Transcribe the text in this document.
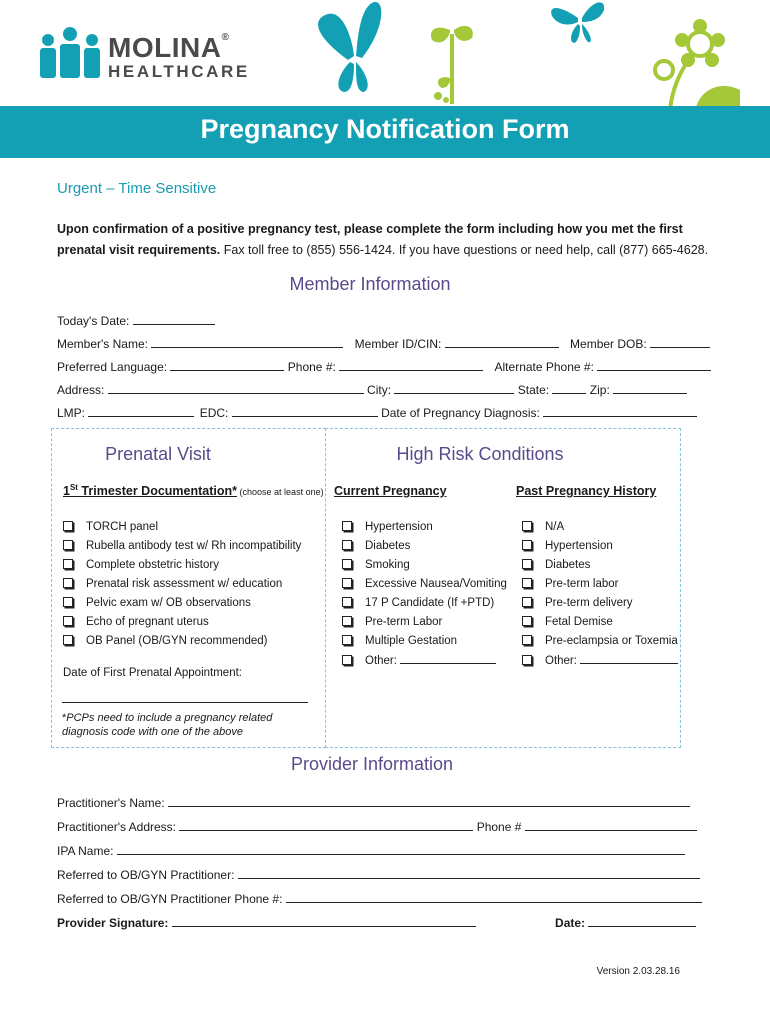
MOLINA®
HEALTHCARE
Pregnancy Notification Form
Urgent – Time Sensitive
Upon confirmation of a positive pregnancy test, please complete the form including how you met the first
prenatal visit requirements. Fax toll free to (855) 556-1424. If you have questions or need help, call (877) 665-4628.
Member Information
Today's Date:
Member's Name:	Member ID/CIN:	Member DOB:
Preferred Language:	Phone #:	Alternate Phone #:
Address:	City:	State:	Zip:
LMP:	EDC:	Date of Pregnancy Diagnosis:
Prenatal Visit	High Risk Conditions
1St Trimester Documentation* (choose at least one) Current Pregnancy	Past Pregnancy History
TORCH panel
Rubella antibody test w/ Rh incompatibility
Complete obstetric history
Prenatal risk assessment w/ education
Pelvic exam w/ OB observations
Echo of pregnant uterus
OB Panel (OB/GYN recommended)
Date of First Prenatal Appointment:
*PCPs need to include a pregnancy related
diagnosis code with one of the above
Hypertension
Diabetes
Smoking
Excessive Nausea/Vomiting
17 P Candidate (If +PTD)
Pre-term Labor
Multiple Gestation
Other:
N/A
Hypertension
Diabetes
Pre-term labor
Pre-term delivery
Fetal Demise
Pre-eclampsia or Toxemia
Other:
Provider Information
Practitioner's Name:
Practitioner's Address:	Phone #
IPA Name:
Referred to OB/GYN Practitioner:
Referred to OB/GYN Practitioner Phone #:
Provider Signature:	Date:
Version 2.03.28.16
